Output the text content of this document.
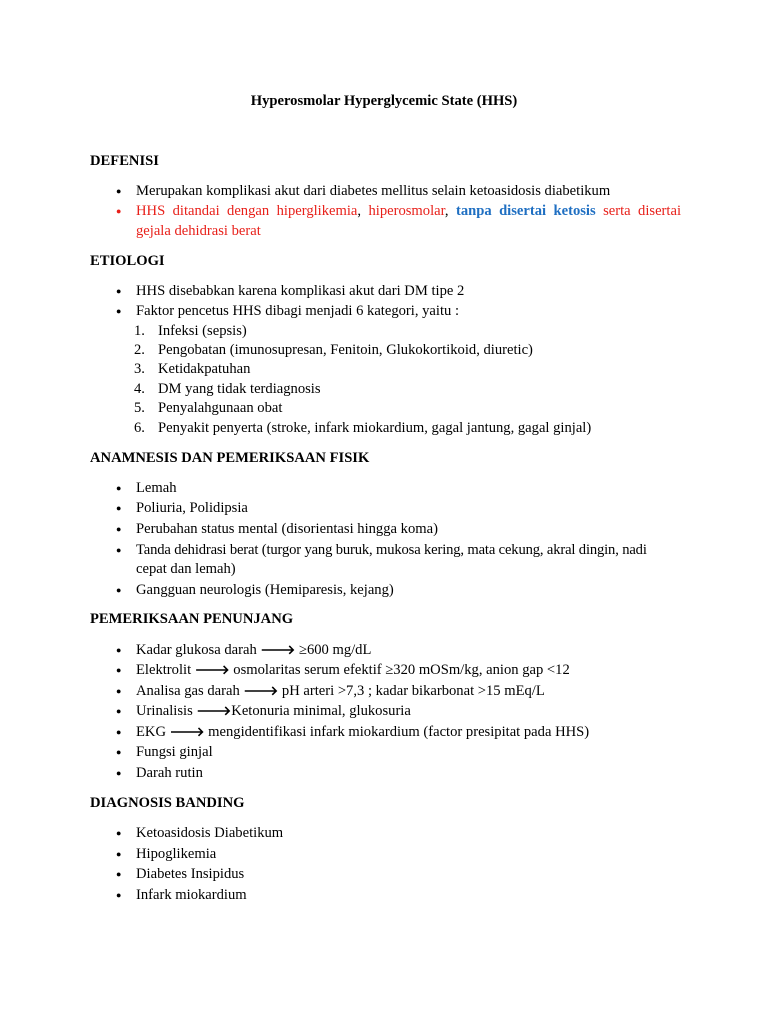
Hyperosmolar Hyperglycemic State (HHS)
DEFENISI
● Merupakan komplikasi akut dari diabetes mellitus selain ketoasidosis diabetikum
● HHS ditandai dengan hiperglikemia, hiperosmolar, tanpa disertai ketosis serta disertai
gejala dehidrasi berat
ETIOLOGI
● HHS disebabkan karena komplikasi akut dari DM tipe 2
● Faktor pencetus HHS dibagi menjadi 6 kategori, yaitu :
1. Infeksi (sepsis)
2. Pengobatan (imunosupresan, Fenitoin, Glukokortikoid, diuretic)
3. Ketidakpatuhan
4. DM yang tidak terdiagnosis
5. Penyalahgunaan obat
6. Penyakit penyerta (stroke, infark miokardium, gagal jantung, gagal ginjal)
ANAMNESIS DAN PEMERIKSAAN FISIK
● Lemah
● Poliuria, Polidipsia
● Perubahan status mental (disorientasi hingga koma)
● Tanda dehidrasi berat (turgor yang buruk, mukosa kering, mata cekung, akral dingin, nadi
cepat dan lemah)
● Gangguan neurologis (Hemiparesis, kejang)
PEMERIKSAAN PENUNJANG
● Kadar glukosa darah 🡒 ≥600 mg/dL
● Elektrolit 🡒 osmolaritas serum efektif ≥320 mOSm/kg, anion gap <12
● Analisa gas darah 🡒 pH arteri >7,3 ; kadar bikarbonat >15 mEq/L
● Urinalisis 🡒Ketonuria minimal, glukosuria
● EKG 🡒 mengidentifikasi infark miokardium (factor presipitat pada HHS)
● Fungsi ginjal
● Darah rutin
DIAGNOSIS BANDING
● Ketoasidosis Diabetikum
● Hipoglikemia
● Diabetes Insipidus
● Infark miokardium
